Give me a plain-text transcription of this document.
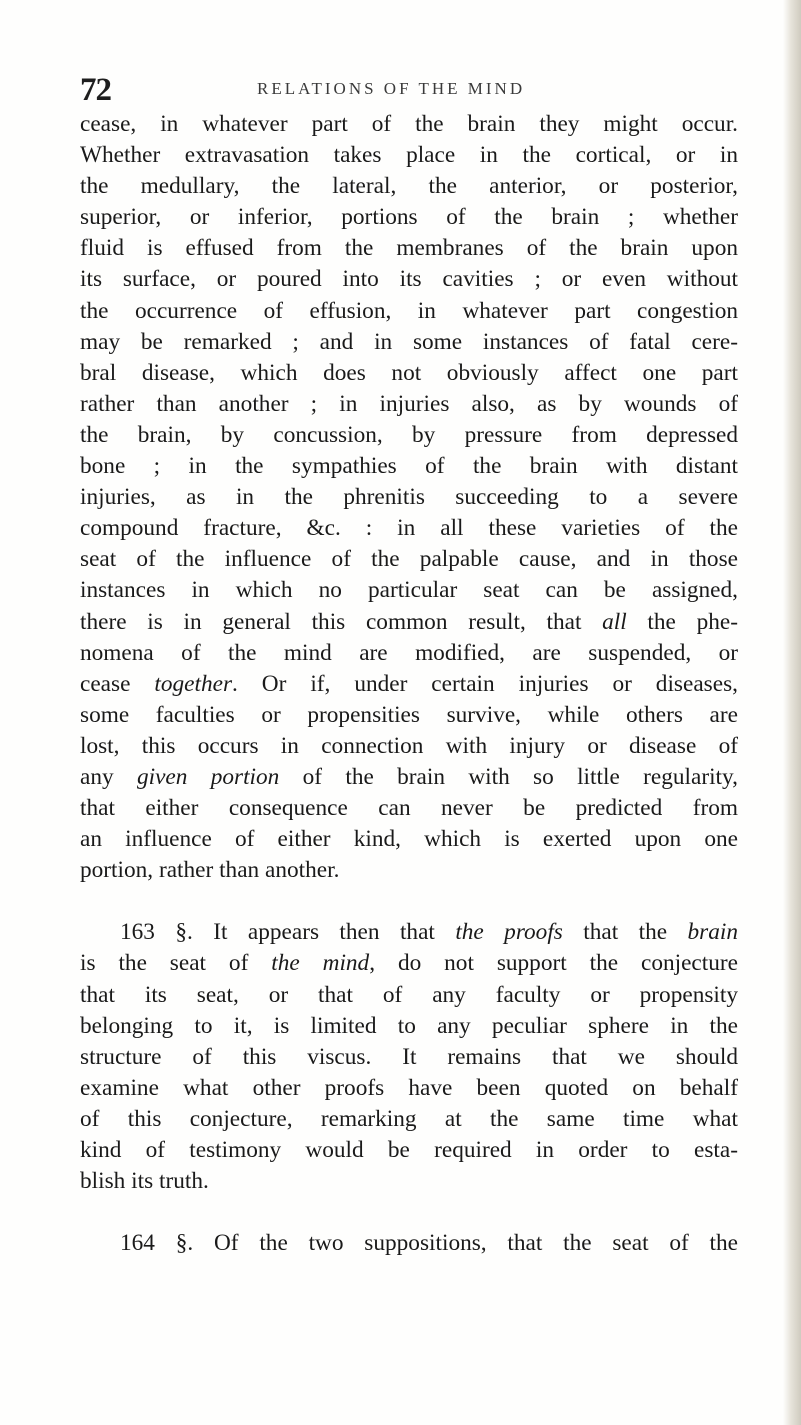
72	RELATIONS OF THE MIND
cease, in whatever part of the brain they might occur.
Whether extravasation takes place in the cortical, or in
the medullary, the lateral, the anterior, or posterior,
superior, or inferior, portions of the brain ; whether
fluid is effused from the membranes of the brain upon
its surface, or poured into its cavities ; or even without
the occurrence of effusion, in whatever part congestion
may be remarked ; and in some instances of fatal cere-
bral disease, which does not obviously affect one part
rather than another ; in injuries also, as by wounds of
the brain, by concussion, by pressure from depressed
bone ; in the sympathies of the brain with distant
injuries, as in the phrenitis succeeding to a severe
compound fracture, &c. : in all these varieties of the
seat of the influence of the palpable cause, and in those
instances in which no particular seat can be assigned,
there is in general this common result, that all the phe-
nomena of the mind are modified, are suspended, or
cease together. Or if, under certain injuries or diseases,
some faculties or propensities survive, while others are
lost, this occurs in connection with injury or disease of
any given portion of the brain with so little regularity,
that either consequence can never be predicted from
an influence of either kind, which is exerted upon one
portion, rather than another.
163 §. It appears then that the proofs that the brain
is the seat of the mind, do not support the conjecture
that its seat, or that of any faculty or propensity
belonging to it, is limited to any peculiar sphere in the
structure of this viscus. It remains that we should
examine what other proofs have been quoted on behalf
of this conjecture, remarking at the same time what
kind of testimony would be required in order to esta-
blish its truth.
164 §. Of the two suppositions, that the seat of the
